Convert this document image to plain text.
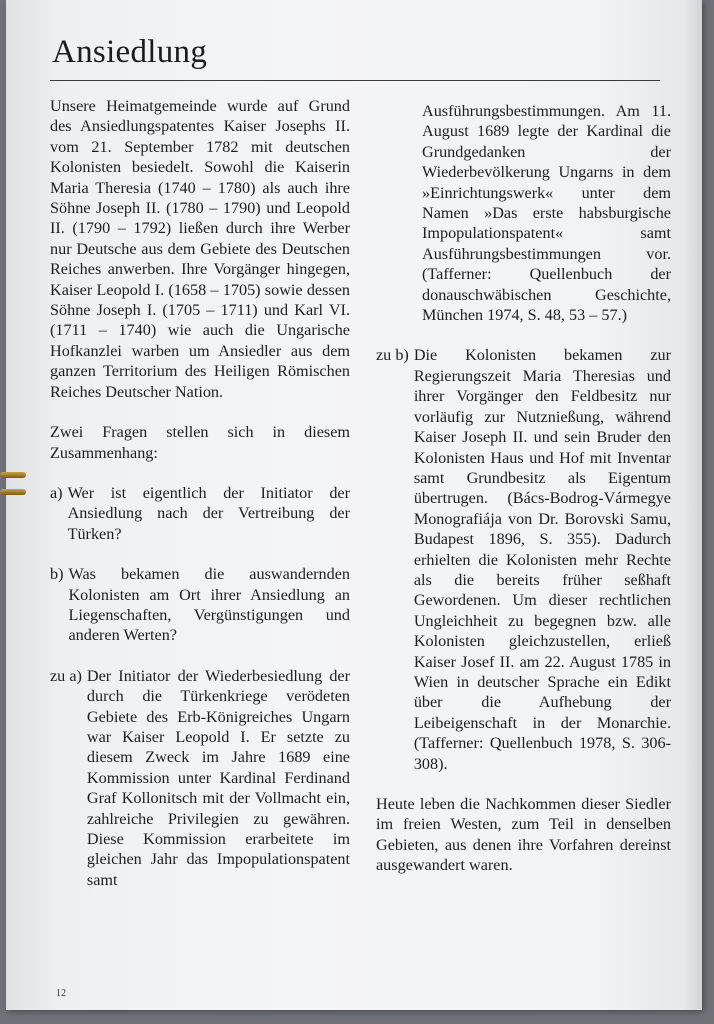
Ansiedlung

Unsere Heimatgemeinde wurde auf Grund des Ansiedlungspatentes Kaiser Josephs II. vom 21. September 1782 mit deutschen Kolonisten besiedelt. Sowohl die Kaiserin Maria Theresia (1740 – 1780) als auch ihre Söhne Joseph II. (1780 – 1790) und Leopold II. (1790 – 1792) ließen durch ihre Werber nur Deutsche aus dem Gebiete des Deutschen Reiches anwerben. Ihre Vorgänger hingegen, Kaiser Leopold I. (1658 – 1705) sowie dessen Söhne Joseph I. (1705 – 1711) und Karl VI. (1711 – 1740) wie auch die Ungarische Hofkanzlei warben um Ansiedler aus dem ganzen Territorium des Heiligen Römischen Reiches Deutscher Nation.

Zwei Fragen stellen sich in diesem Zusammenhang:

a) Wer ist eigentlich der Initiator der Ansiedlung nach der Vertreibung der Türken?
b) Was bekamen die auswandernden Kolonisten am Ort ihrer Ansiedlung an Liegenschaften, Vergünstigungen und anderen Werten?
zu a) Der Initiator der Wiederbesiedlung der durch die Türkenkriege verödeten Gebiete des Erb-Königreiches Ungarn war Kaiser Leopold I. Er setzte zu diesem Zweck im Jahre 1689 eine Kommission unter Kardinal Ferdinand Graf Kollonitsch mit der Vollmacht ein, zahlreiche Privilegien zu gewähren. Diese Kommission erarbeitete im gleichen Jahr das Impopulationspatent samt

Ausführungsbestimmungen. Am 11. August 1689 legte der Kardinal die Grundgedanken der Wiederbevölkerung Ungarns in dem »Einrichtungswerk« unter dem Namen »Das erste habsburgische Impopulationspatent« samt Ausführungsbestimmungen vor. (Tafferner: Quellenbuch der donauschwäbischen Geschichte, München 1974, S. 48, 53 – 57.)

zu b) Die Kolonisten bekamen zur Regierungszeit Maria Theresias und ihrer Vorgänger den Feldbesitz nur vorläufig zur Nutznießung, während Kaiser Joseph II. und sein Bruder den Kolonisten Haus und Hof mit Inventar samt Grundbesitz als Eigentum übertrugen. (Bács-Bodrog-Vármegye Monografiája von Dr. Borovski Samu, Budapest 1896, S. 355). Dadurch erhielten die Kolonisten mehr Rechte als die bereits früher seßhaft Gewordenen. Um dieser rechtlichen Ungleichheit zu begegnen bzw. alle Kolonisten gleichzustellen, erließ Kaiser Josef II. am 22. August 1785 in Wien in deutscher Sprache ein Edikt über die Aufhebung der Leibeigenschaft in der Monarchie. (Tafferner: Quellenbuch 1978, S. 306-308).

Heute leben die Nachkommen dieser Siedler im freien Westen, zum Teil in denselben Gebieten, aus denen ihre Vorfahren dereinst ausgewandert waren.

12
